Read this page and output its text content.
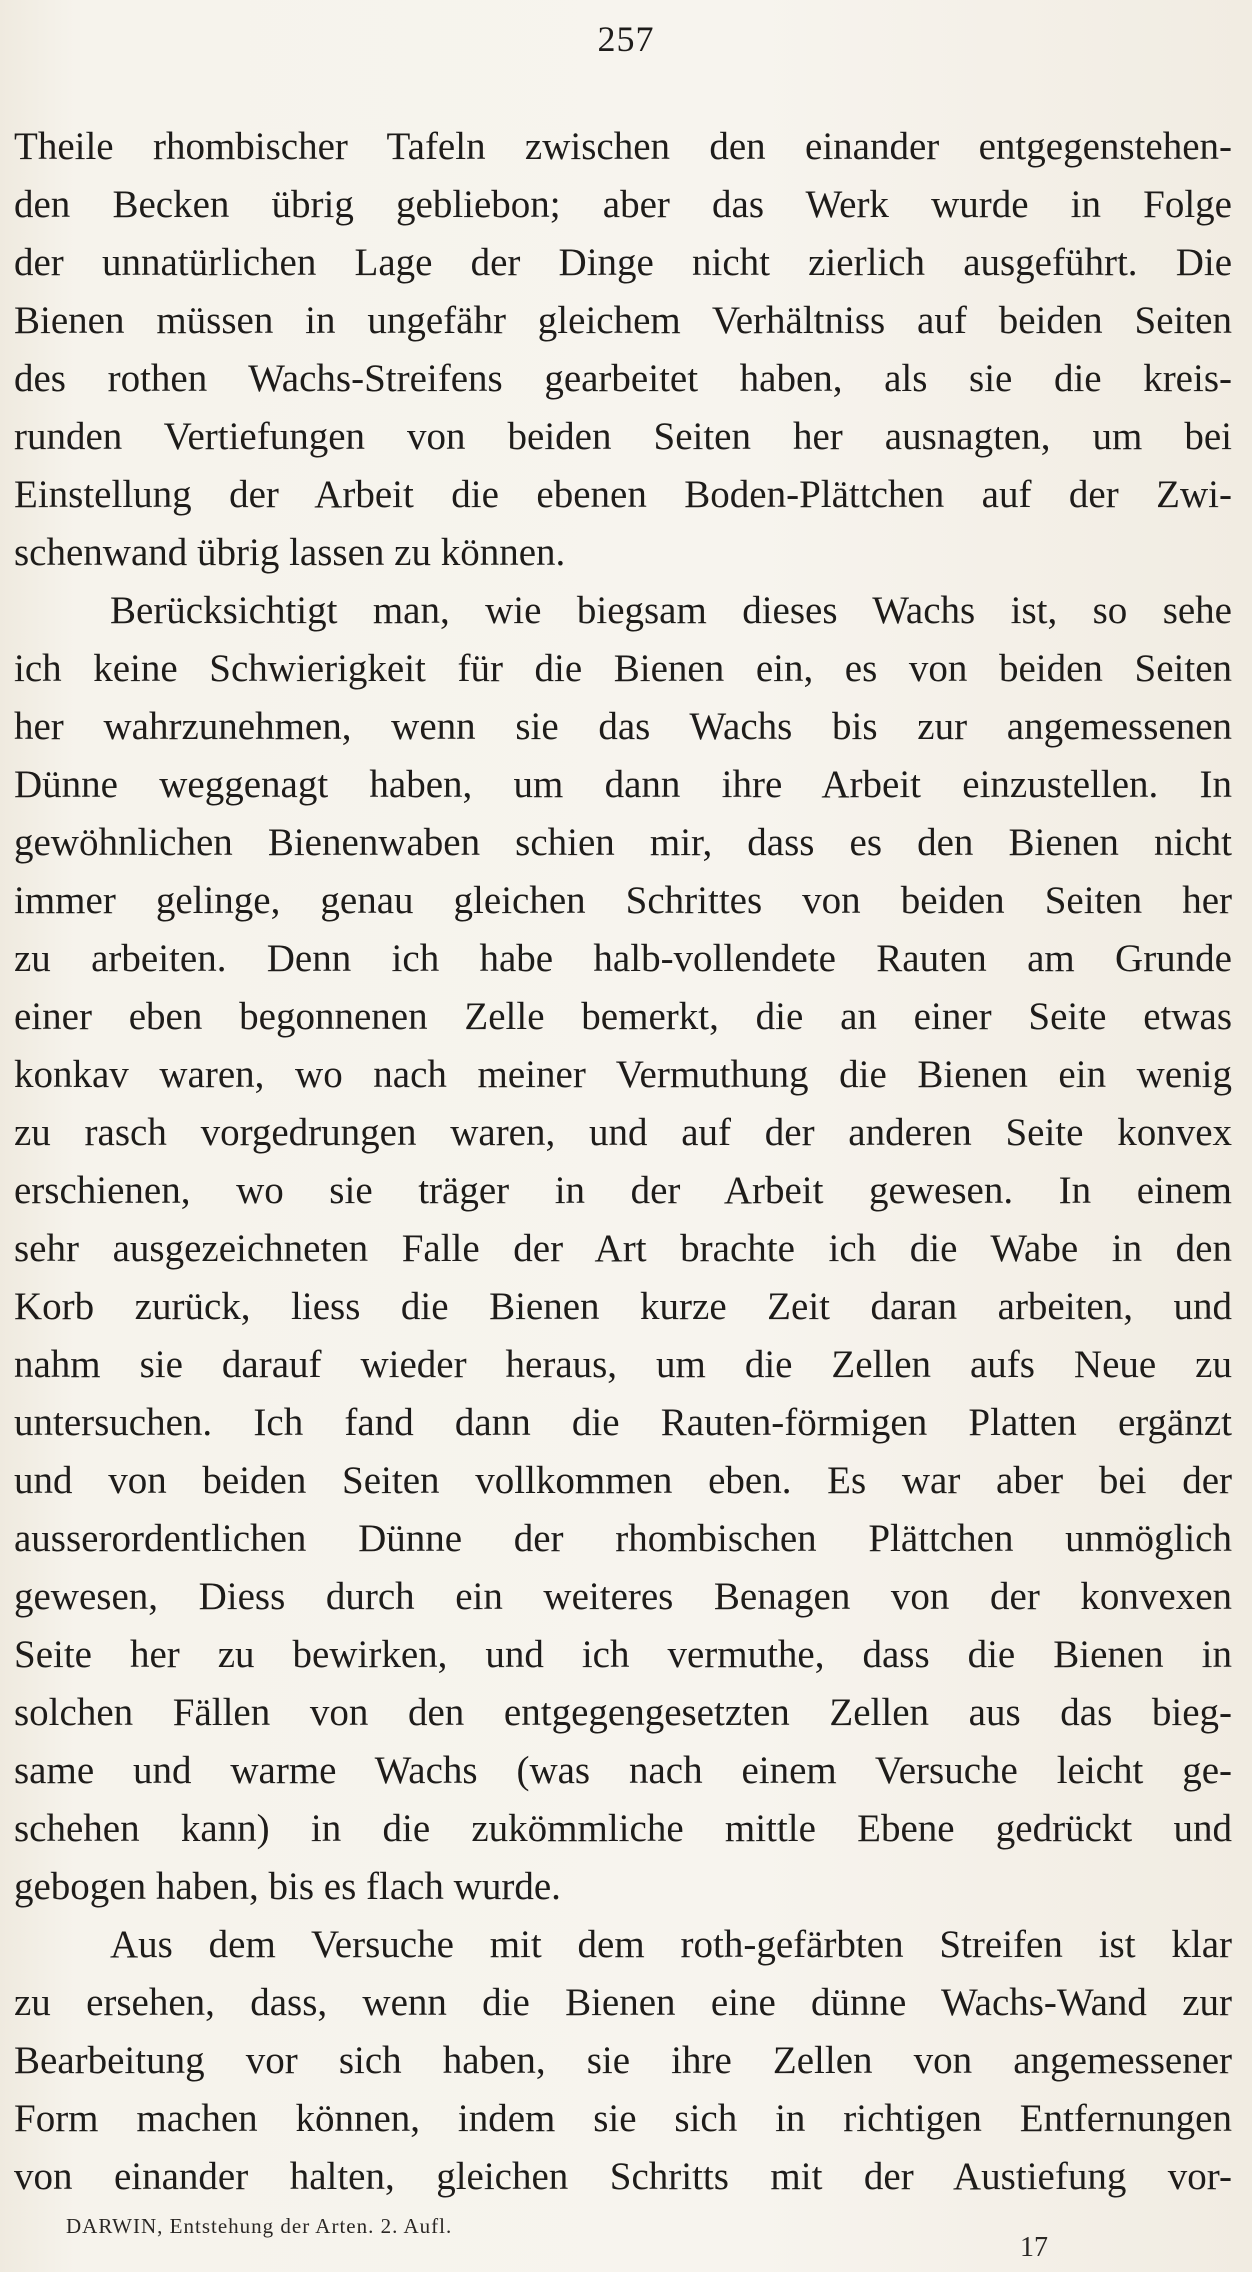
257
Theile rhombischer Tafeln zwischen den einander entgegenstehen-
den Becken übrig gebliebon; aber das Werk wurde in Folge
der unnatürlichen Lage der Dinge nicht zierlich ausgeführt. Die
Bienen müssen in ungefähr gleichem Verhältniss auf beiden Seiten
des rothen Wachs-Streifens gearbeitet haben, als sie die kreis-
runden Vertiefungen von beiden Seiten her ausnagten, um bei
Einstellung der Arbeit die ebenen Boden-Plättchen auf der Zwi-
schenwand übrig lassen zu können.
Berücksichtigt man, wie biegsam dieses Wachs ist, so sehe
ich keine Schwierigkeit für die Bienen ein, es von beiden Seiten
her wahrzunehmen, wenn sie das Wachs bis zur angemessenen
Dünne weggenagt haben, um dann ihre Arbeit einzustellen. In
gewöhnlichen Bienenwaben schien mir, dass es den Bienen nicht
immer gelinge, genau gleichen Schrittes von beiden Seiten her
zu arbeiten. Denn ich habe halb-vollendete Rauten am Grunde
einer eben begonnenen Zelle bemerkt, die an einer Seite etwas
konkav waren, wo nach meiner Vermuthung die Bienen ein wenig
zu rasch vorgedrungen waren, und auf der anderen Seite konvex
erschienen, wo sie träger in der Arbeit gewesen. In einem
sehr ausgezeichneten Falle der Art brachte ich die Wabe in den
Korb zurück, liess die Bienen kurze Zeit daran arbeiten, und
nahm sie darauf wieder heraus, um die Zellen aufs Neue zu
untersuchen. Ich fand dann die Rauten-förmigen Platten ergänzt
und von beiden Seiten vollkommen eben. Es war aber bei der
ausserordentlichen Dünne der rhombischen Plättchen unmöglich
gewesen, Diess durch ein weiteres Benagen von der konvexen
Seite her zu bewirken, und ich vermuthe, dass die Bienen in
solchen Fällen von den entgegengesetzten Zellen aus das bieg-
same und warme Wachs (was nach einem Versuche leicht ge-
schehen kann) in die zukömmliche mittle Ebene gedrückt und
gebogen haben, bis es flach wurde.
Aus dem Versuche mit dem roth-gefärbten Streifen ist klar
zu ersehen, dass, wenn die Bienen eine dünne Wachs-Wand zur
Bearbeitung vor sich haben, sie ihre Zellen von angemessener
Form machen können, indem sie sich in richtigen Entfernungen
von einander halten, gleichen Schritts mit der Austiefung vor-
DARWIN, Entstehung der Arten. 2. Aufl.
17
